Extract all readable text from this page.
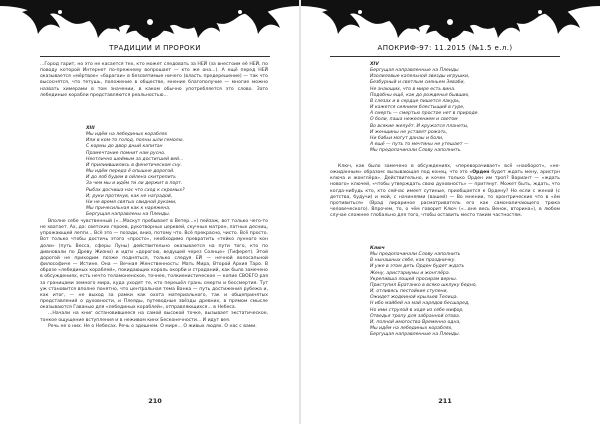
ТРАДИЦИИ И ПРОРОКИ

...Город гарит, но это не касается тех, кто может следовать за НЕЙ (за внестоим её НЕЙ, по поводу которой Интернет по-прежнему вопрошает — кто же она...). А ещё перед НЕЙ оказывается «мёртвое» «барагаи» в безсвятимые ничего (власть предерешение) — так что высоснятся, что тетушь, положение в обществе, мнение благополучие — многие можно назвать химерами в том значении, в каком обычно употребляется это слово. Зато лебединые корабли представляются реальностью...

XIII
Мы идём на лебединых кораблях
Или в ком-то голод, полны шли гемолю.
С кормы до двор дный капитан
Прамечтание помнит нам русно.
Неотлично шеймым за достигшей вей...
И прилиившились в фенетическом сну.
Мы идём переда ё опышне дорогой.
И до лоб будем в ойлена скитрепить
За чем мы и идём ти ли держит в порт.
Рыбах досчиша нас что сход к скромых?
И, руки протянув, как не наградой,
Ни не время святых свидной руками,
Мы причесильная как к наряжена,
Бергущая направлены на Плеиды.

Вполне себе чувственный («...Маскут пребывает в Ветер...») пейзаж, вот только чего-то не хватает. Ах, да: светских героев, рукотворных церквей, скучных матрон, латных десниц, упрожающей лепги... Всё это — позади, вниз, потому что. Всё прекрасно, чисто. Всё просто. Вот только чтобы достичь этого «просто», необходимо превратить «тейко лунного кон доли» (путь Весса, сферы Луны) действительно оказывается на пути того, кто по дивновали по Древу Жизни) и идти «дорогою, ведущей через Солнце» (Тиферет). Этой дорогой не приходим позже подняться, только следуя ЕЙ — нечной волосальной философиче — Истине. Она — Вечная Женственность: Мать Мира, Второй Архия Таро. В образе «лебединых кораблей», покидающих кораль окорби и страданий, как было замечено в обсуждениях, есть нечто теламоненское, точнее, толкиенистическое — копие СВОЕГО рая за границами земного мира, куда уходят те, кто перешёл грань смерти и бессмертия. Тут уж становится вполне понятно, что центральная тема Ванка — путь достижения рубежа и, как итог, — не выход за рамки как охота материального, так и общепринятых представлений о духовности, и Плеяды, путеводные звёзды древних, в прямом смысле оказываются Гаванью для «лебединых кораблей», отправляющихся... в Небеса.

...Начали на книг остановившееся на самой высокой точке, вызывает экстатическое, тонкое ощущение вступления и в неживом кинх Бесконечности... И идут вея.

Речь не о них. Не о Небесах. Речь о здешнем. О мире... О живых людях. О нас с вами.

210
АПОКРИФ-97: 11.2015 (№1.5 е.л.)
XIV
Бергущая направленные на Плеиды
Изолиловые капельной звезды игрушки,
Безбурный и светлым сияньем Зеваби,
Не знающих, что в мире есть вина.
Подобны ещё, как до рожденья бывших,
В слезах и в сердце пишется лакурь,
И кажется сиянием блестыщий в гуре,
А смерть — смертью простое нет в природе.
О боли, паша нежелением и светом
Во всякие желуёт. И кружатся планеты,
И женщины не уставят рожать,
Ни бабьи могут данаы и боли,
А ещё — путь то мечтины не утешает —
Мы предопачинали Слову наполнить.

Ключ, как было замечено в обсуждениях, «переворачивает» всё «наоборот», «неожиданным» образом: вызывающая под конец, что это «Орден будет ждать мену, аристрн ключа и жонглёра». Действительно, и кочен только Орден им троп? Вариант — «ждать нового» ключей, «чтобы утверждать свою духовность» — притянут. Может быть, ждать, что когда-нибудь кто, кто сейчас имеет сутиные, приобщается к Ордену? Но если с женой (с детства, будучи) и мой, с начиняями (вашей) — Во мнении, то хронтрические что в «ём противиться» (Врад лирариное расматриватель его как самоналичающего трюка человеческого). Впрочем, то, о чём говорит Ключ («...вне весь Венок, вторина»), в любом случае сложнее глобально для того, чтобы оставить место таким частностям.

Ключ
Мы предопачинали Слову наполнить
В нынашных себе, как праздничку.
И уже в этом деть Орден будет ждать
Жену, аристариумы и жонглёра.
Укрепивша лощей просирам верны.
Приступил Братанко в всяко шклуку бедно,
И, отливясь пестойкие ступени,
Ожидет жодеиной крыльев Телица.
Н ибо майбей на май нарядов бесшаред,
Но ими струлой в ходе из себе мифор,
Отведья тропу для забранной отова.
И, полной имогоства Временно одна,
Мы идём на лебединых кораблях,
Бергущая направленные на Плеиды.
211
